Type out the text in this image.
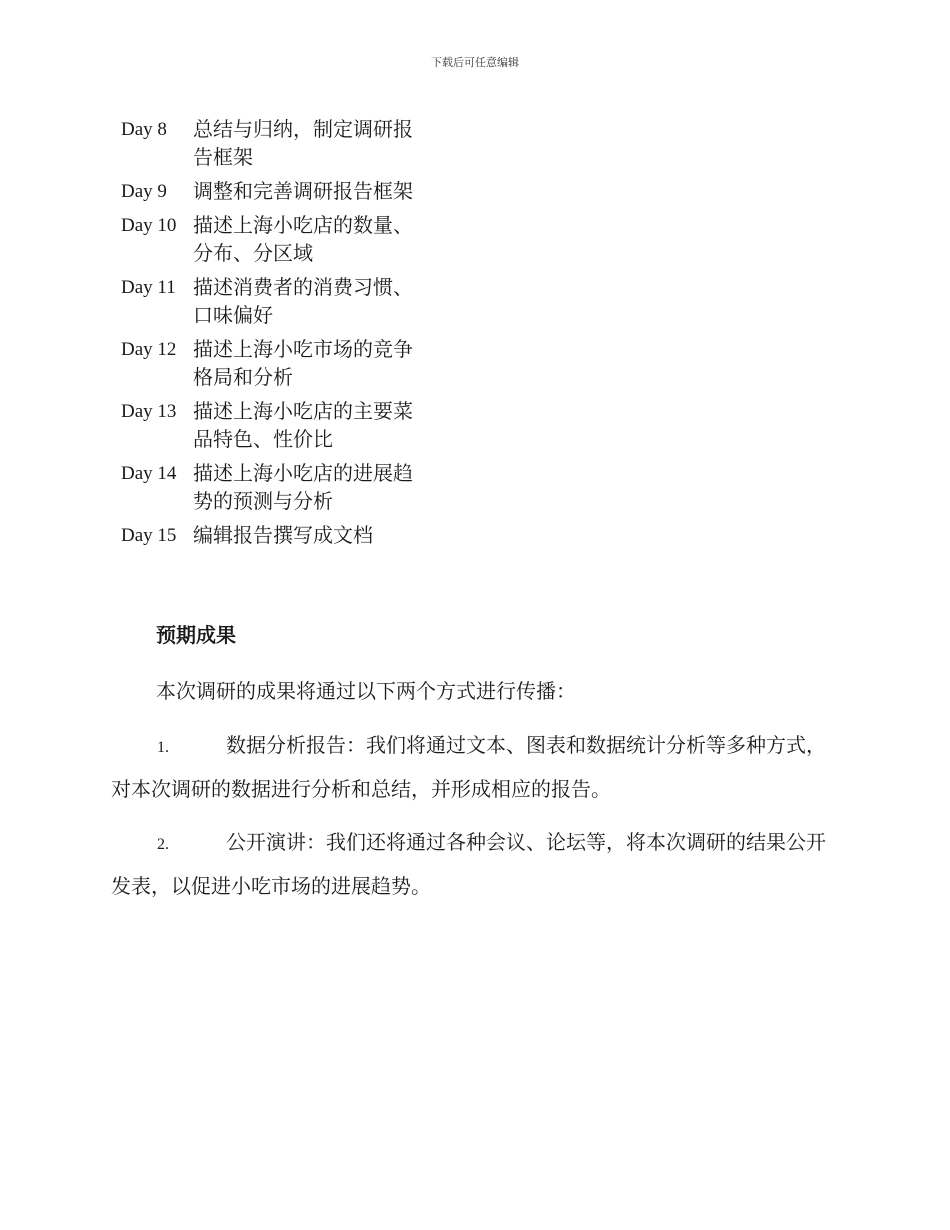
下载后可任意编辑
Day 8	总结与归纳，制定调研报告框架
Day 9	调整和完善调研报告框架
Day 10 描述上海小吃店的数量、分布、分区域
Day 11 描述消费者的消费习惯、口味偏好
Day 12 描述上海小吃市场的竞争格局和分析
Day 13 描述上海小吃店的主要菜品特色、性价比
Day 14 描述上海小吃店的进展趋势的预测与分析
Day 15 编辑报告撰写成文档
预期成果
本次调研的成果将通过以下两个方式进行传播：
1.	数据分析报告：我们将通过文本、图表和数据统计分析等多种方式，对本次调研的数据进行分析和总结，并形成相应的报告。
2.	公开演讲：我们还将通过各种会议、论坛等，将本次调研的结果公开发表，以促进小吃市场的进展趋势。
